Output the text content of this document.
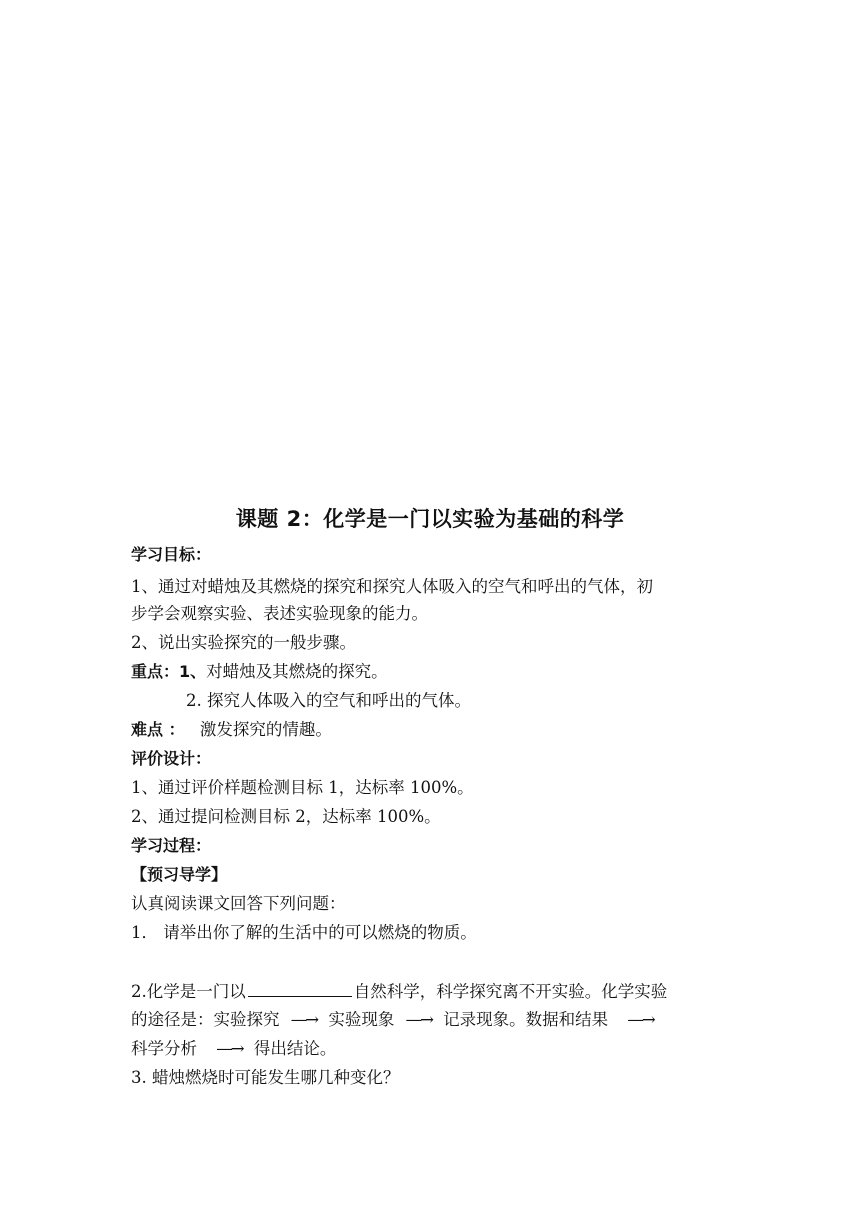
课题 2：化学是一门以实验为基础的科学
学习目标：
1、通过对蜡烛及其燃烧的探究和探究人体吸入的空气和呼出的气体，初
步学会观察实验、表述实验现象的能力。
2、说出实验探究的一般步骤。
重点：1、对蜡烛及其燃烧的探究。
2. 探究人体吸入的空气和呼出的气体。
难点 ： 激发探究的情趣。
评价设计：
1、通过评价样题检测目标 1，达标率 100%。
2、通过提问检测目标 2，达标率 100%。
学习过程：
【预习导学】
认真阅读课文回答下列问题：
1． 请举出你了解的生活中的可以燃烧的物质。
2.化学是一门以	自然科学，科学探究离不开实验。化学实验
的途径是：实验探究 —→ 实验现象 —→ 记录现象。数据和结果 —→
科学分析 —→ 得出结论。
3. 蜡烛燃烧时可能发生哪几种变化？
